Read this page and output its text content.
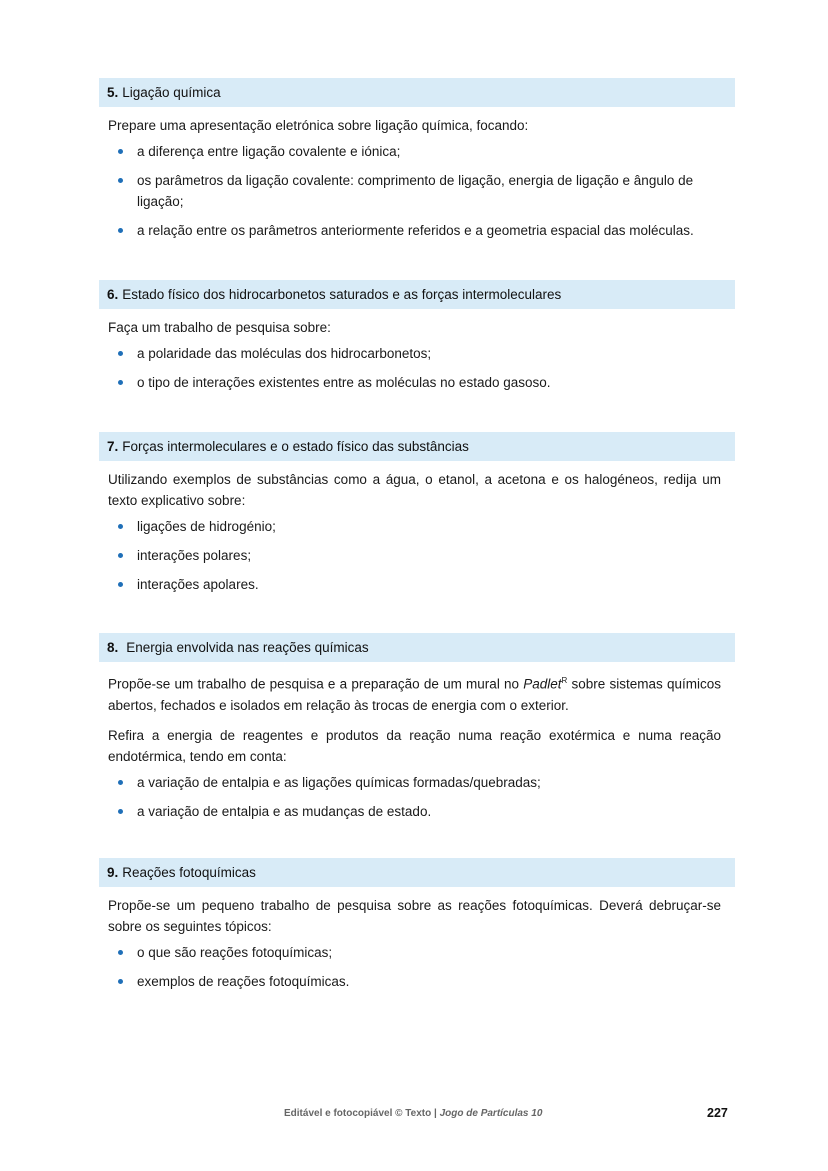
5. Ligação química

Prepare uma apresentação eletrónica sobre ligação química, focando:

a diferença entre ligação covalente e iónica;
os parâmetros da ligação covalente: comprimento de ligação, energia de ligação e ângulo de ligação;
a relação entre os parâmetros anteriormente referidos e a geometria espacial das moléculas.
6. Estado físico dos hidrocarbonetos saturados e as forças intermoleculares

Faça um trabalho de pesquisa sobre:

a polaridade das moléculas dos hidrocarbonetos;
o tipo de interações existentes entre as moléculas no estado gasoso.
7. Forças intermoleculares e o estado físico das substâncias

Utilizando exemplos de substâncias como a água, o etanol, a acetona e os halogéneos, redija um texto explicativo sobre:

ligações de hidrogénio;
interações polares;
interações apolares.
8. Energia envolvida nas reações químicas

Propõe-se um trabalho de pesquisa e a preparação de um mural no Padlet$^R$ sobre sistemas químicos abertos, fechados e isolados em relação às trocas de energia com o exterior.

Refira a energia de reagentes e produtos da reação numa reação exotérmica e numa reação endotérmica, tendo em conta:

a variação de entalpia e as ligações químicas formadas/quebradas;
a variação de entalpia e as mudanças de estado.
9. Reações fotoquímicas

Propõe-se um pequeno trabalho de pesquisa sobre as reações fotoquímicas. Deverá debruçar-se sobre os seguintes tópicos:

o que são reações fotoquímicas;
exemplos de reações fotoquímicas.
Editável e fotocopiável © Texto | Jogo de Partículas 10	227
